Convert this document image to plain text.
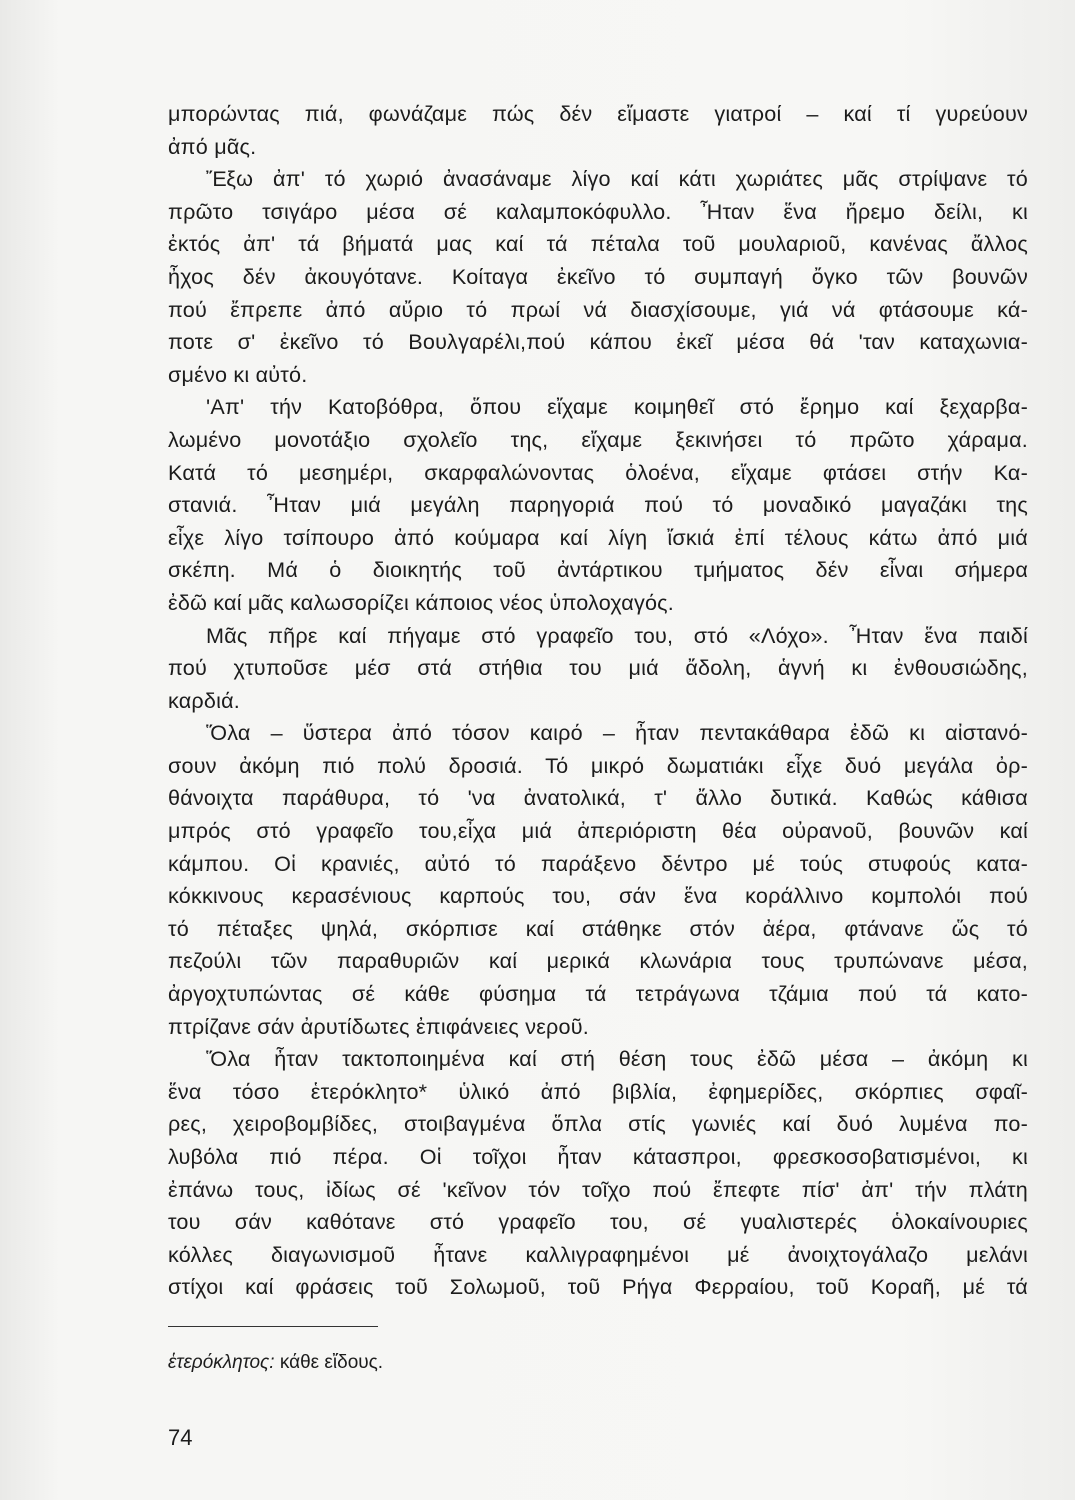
μπορώντας πιά, φωνάζαμε πώς δέν εἴμαστε γιατροί – καί τί γυρεύουν
ἀπό μᾶς.

Ἔξω ἀπ' τό χωριό ἀνασάναμε λίγο καί κάτι χωριάτες μᾶς στρίψανε τό
πρῶτο τσιγάρο μέσα σέ καλαμποκόφυλλο. Ἦταν ἕνα ἤρεμο δείλι, κι
ἐκτός ἀπ' τά βήματά μας καί τά πέταλα τοῦ μουλαριοῦ, κανένας ἄλλος
ἦχος δέν ἀκουγότανε. Κοίταγα ἐκεῖνο τό συμπαγή ὄγκο τῶν βουνῶν
πού ἔπρεπε ἀπό αὔριο τό πρωί νά διασχίσουμε, γιά νά φτάσουμε κά-
ποτε σ' ἐκεῖνο τό Βουλγαρέλι,πού κάπου ἐκεῖ μέσα θά 'ταν καταχωνια-
σμένο κι αὐτό.

'Απ' τήν Κατοβόθρα, ὅπου εἴχαμε κοιμηθεῖ στό ἔρημο καί ξεχαρβα-
λωμένο μονοτάξιο σχολεῖο της, εἴχαμε ξεκινήσει τό πρῶτο χάραμα.
Κατά τό μεσημέρι, σκαρφαλώνοντας ὁλοένα, εἴχαμε φτάσει στήν Κα-
στανιά. Ἦταν μιά μεγάλη παρηγοριά πού τό μοναδικό μαγαζάκι της
εἶχε λίγο τσίπουρο ἀπό κούμαρα καί λίγη ἴσκιά ἐπί τέλους κάτω ἀπό μιά
σκέπη. Μά ὁ διοικητής τοῦ ἀντάρτικου τμήματος δέν εἶναι σήμερα
ἐδῶ καί μᾶς καλωσορίζει κάποιος νέος ὑπολοχαγός.

Μᾶς πῆρε καί πήγαμε στό γραφεῖο του, στό «Λόχο». Ἦταν ἕνα παιδί
πού χτυποῦσε μέσ στά στήθια του μιά ἄδολη, ἁγνή κι ἐνθουσιώδης,
καρδιά.

Ὅλα – ὕστερα ἀπό τόσον καιρό – ἦταν πεντακάθαρα ἐδῶ κι αἰστανό-
σουν ἀκόμη πιό πολύ δροσιά. Τό μικρό δωματιάκι εἶχε δυό μεγάλα ὀρ-
θάνοιχτα παράθυρα, τό 'να ἀνατολικά, τ' ἄλλο δυτικά. Καθώς κάθισα
μπρός στό γραφεῖο του,εἶχα μιά ἀπεριόριστη θέα οὐρανοῦ, βουνῶν καί
κάμπου. Οἱ κρανιές, αὐτό τό παράξενο δέντρο μέ τούς στυφούς κατα-
κόκκινους κερασένιους καρπούς του, σάν ἕνα κοράλλινο κομπολόι πού
τό πέταξες ψηλά, σκόρπισε καί στάθηκε στόν ἀέρα, φτάνανε ὥς τό
πεζούλι τῶν παραθυριῶν καί μερικά κλωνάρια τους τρυπώνανε μέσα,
ἀργοχτυπώντας σέ κάθε φύσημα τά τετράγωνα τζάμια πού τά κατο-
πτρίζανε σάν ἀρυτίδωτες ἐπιφάνειες νεροῦ.

Ὅλα ἦταν τακτοποιημένα καί στή θέση τους ἐδῶ μέσα – ἀκόμη κι
ἕνα τόσο ἑτερόκλητο* ὑλικό ἀπό βιβλία, ἐφημερίδες, σκόρπιες σφαῖ-
ρες, χειροβομβίδες, στοιβαγμένα ὅπλα στίς γωνιές καί δυό λυμένα πο-
λυβόλα πιό πέρα. Οἱ τοῖχοι ἦταν κάτασπροι, φρεσκοσοβατισμένοι, κι
ἐπάνω τους, ἰδίως σέ 'κεῖνον τόν τοῖχο πού ἔπεφτε πίσ' ἀπ' τήν πλάτη
του σάν καθότανε στό γραφεῖο του, σέ γυαλιστερές ὁλοκαίνουριες
κόλλες διαγωνισμοῦ ἦτανε καλλιγραφημένοι μέ ἀνοιχτογάλαζο μελάνι
στίχοι καί φράσεις τοῦ Σολωμοῦ, τοῦ Ρήγα Φερραίου, τοῦ Κοραῆ, μέ τά

ἑτερόκλητος: κάθε εἴδους.
74
